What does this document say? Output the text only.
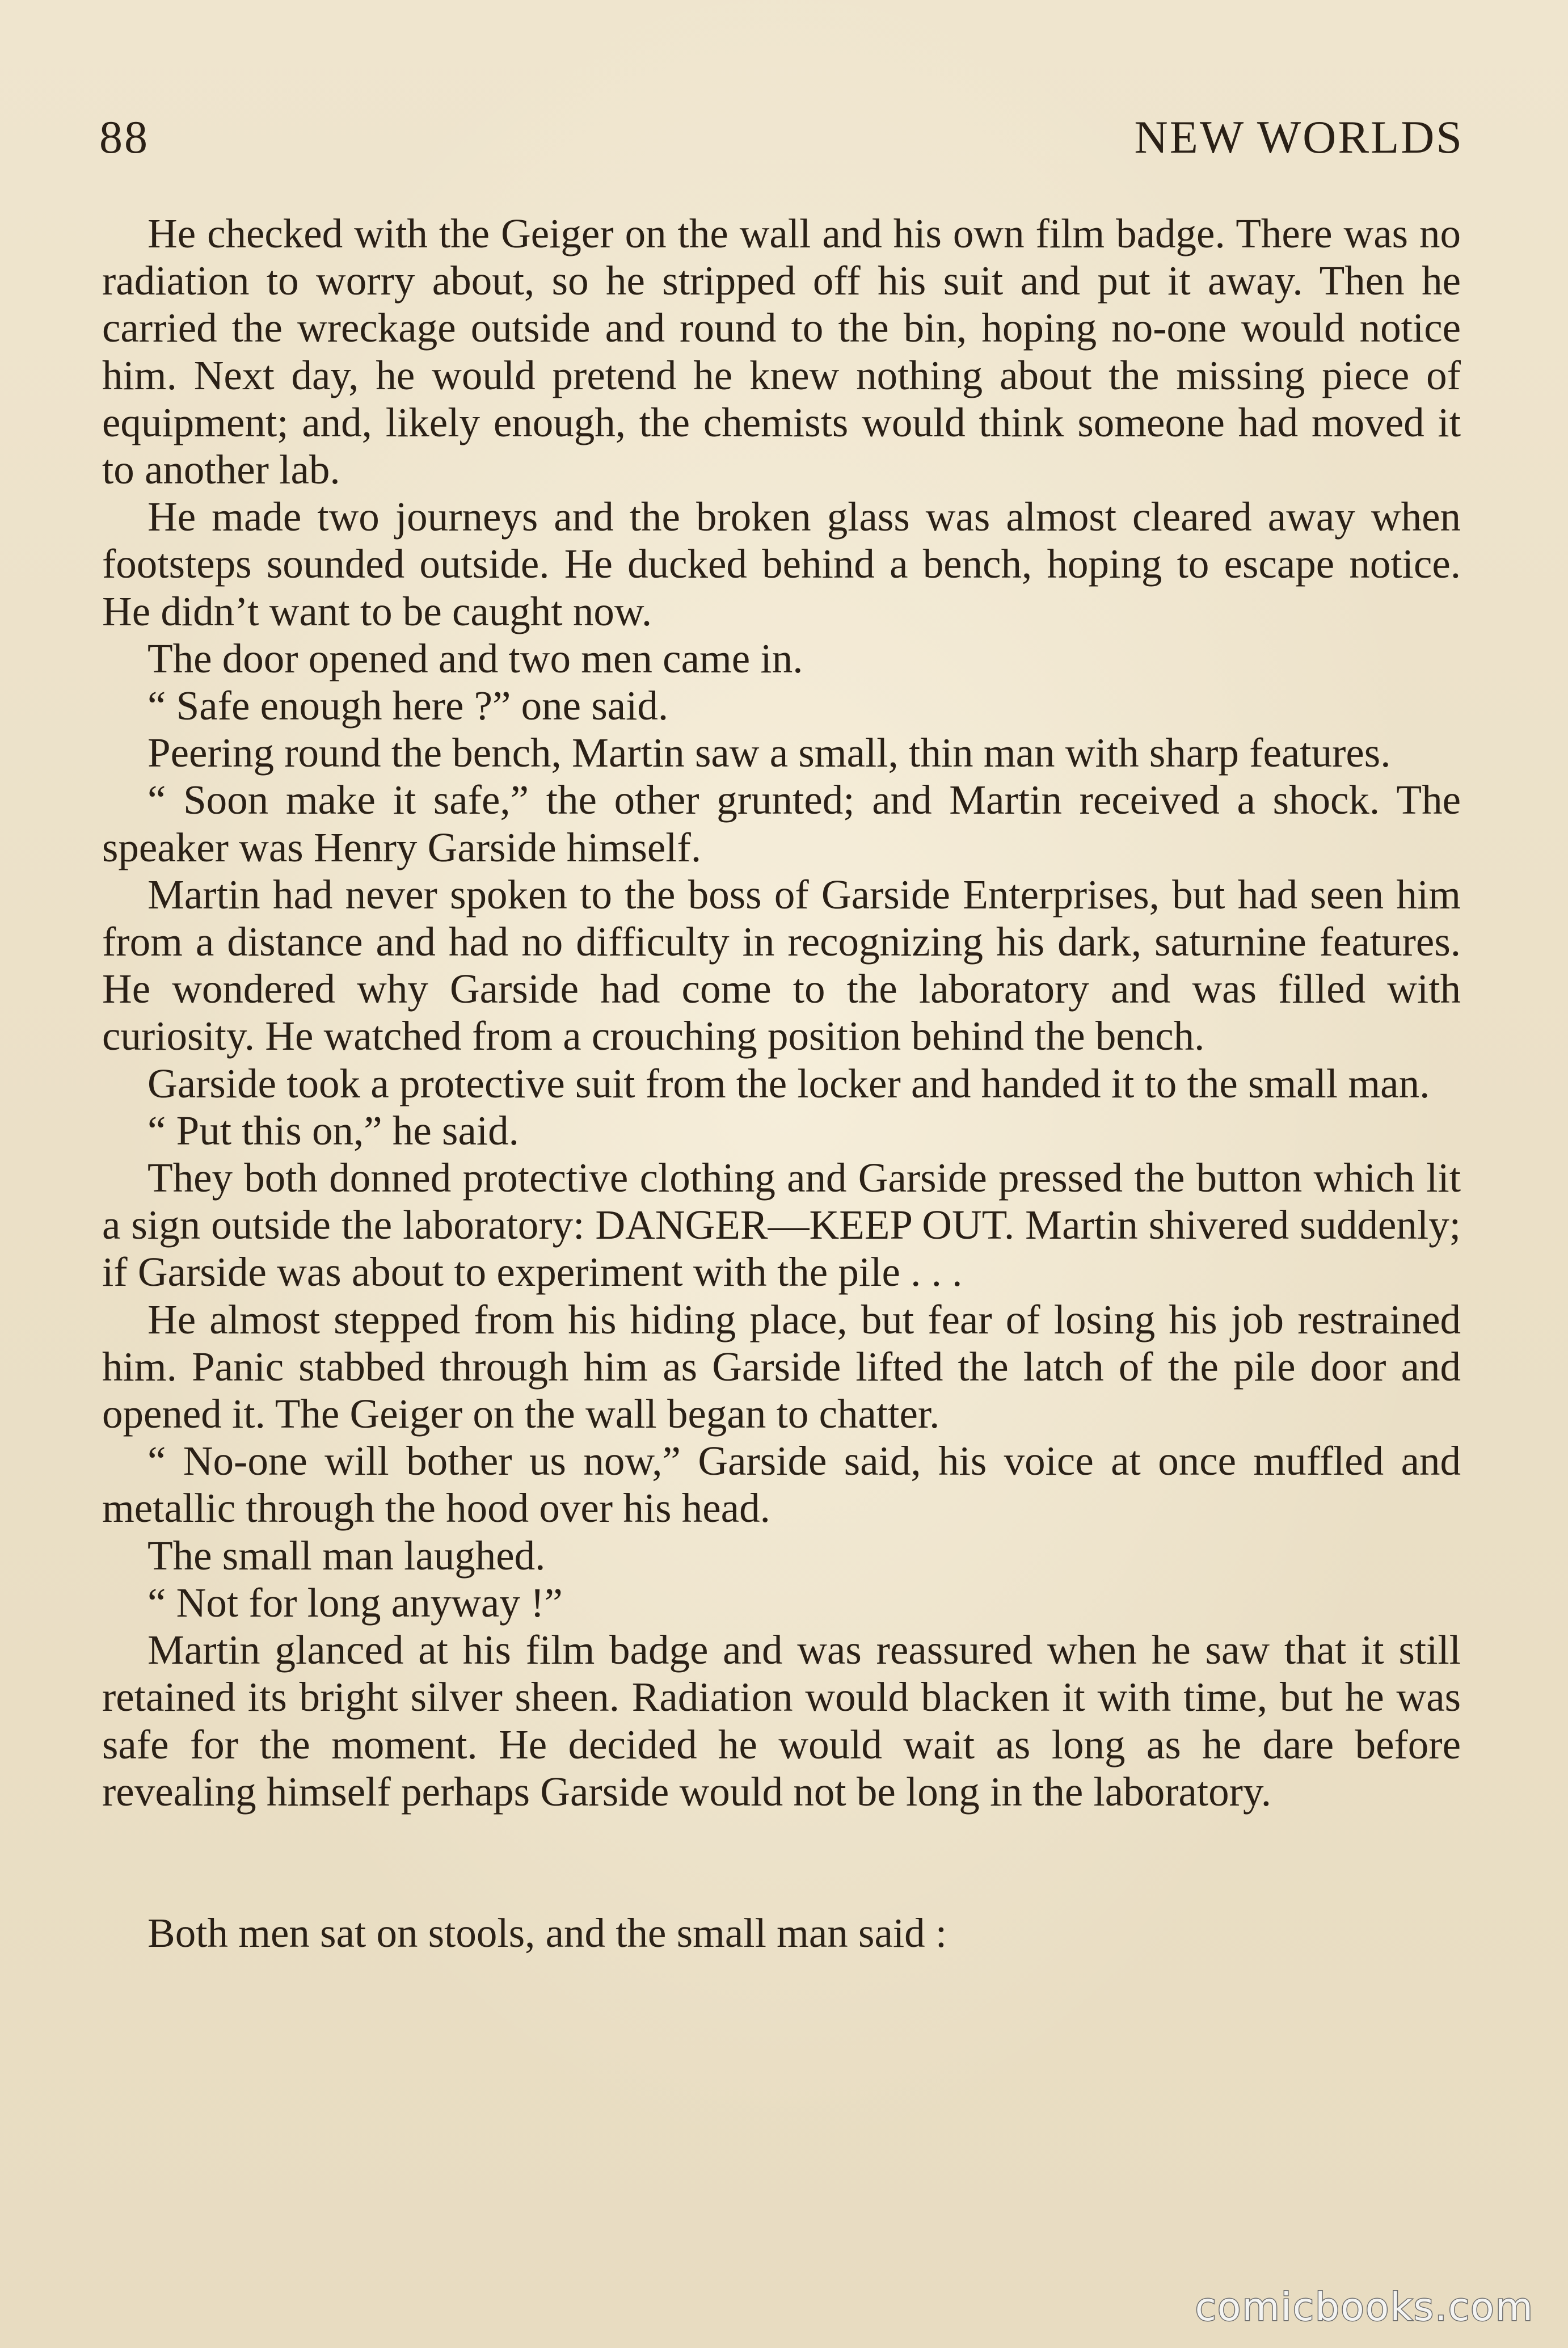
88	NEW WORLDS

He checked with the Geiger on the wall and his own film badge. There was no radiation to worry about, so he stripped off his suit and put it away. Then he carried the wreckage outside and round to the bin, hoping no-one would notice him. Next day, he would pretend he knew nothing about the missing piece of equipment; and, likely enough, the chemists would think someone had moved it to another lab.

He made two journeys and the broken glass was almost cleared away when footsteps sounded outside. He ducked behind a bench, hoping to escape notice. He didn’t want to be caught now.

The door opened and two men came in.

“ Safe enough here ?” one said.

Peering round the bench, Martin saw a small, thin man with sharp features.

“ Soon make it safe,” the other grunted; and Martin received a shock. The speaker was Henry Garside himself.

Martin had never spoken to the boss of Garside Enterprises, but had seen him from a distance and had no difficulty in recognizing his dark, saturnine features. He wondered why Garside had come to the laboratory and was filled with curiosity. He watched from a crouching position behind the bench.

Garside took a protective suit from the locker and handed it to the small man.

“ Put this on,” he said.

They both donned protective clothing and Garside pressed the button which lit a sign outside the laboratory: DANGER—KEEP OUT. Martin shivered suddenly; if Garside was about to experiment with the pile . . .

He almost stepped from his hiding place, but fear of losing his job restrained him. Panic stabbed through him as Garside lifted the latch of the pile door and opened it. The Geiger on the wall began to chatter.

“ No-one will bother us now,” Garside said, his voice at once muffled and metallic through the hood over his head.

The small man laughed.

“ Not for long anyway !”

Martin glanced at his film badge and was reassured when he saw that it still retained its bright silver sheen. Radiation would blacken it with time, but he was safe for the moment. He decided he would wait as long as he dare before revealing himself perhaps Garside would not be long in the laboratory.

Both men sat on stools, and the small man said :

comicbooks.com
